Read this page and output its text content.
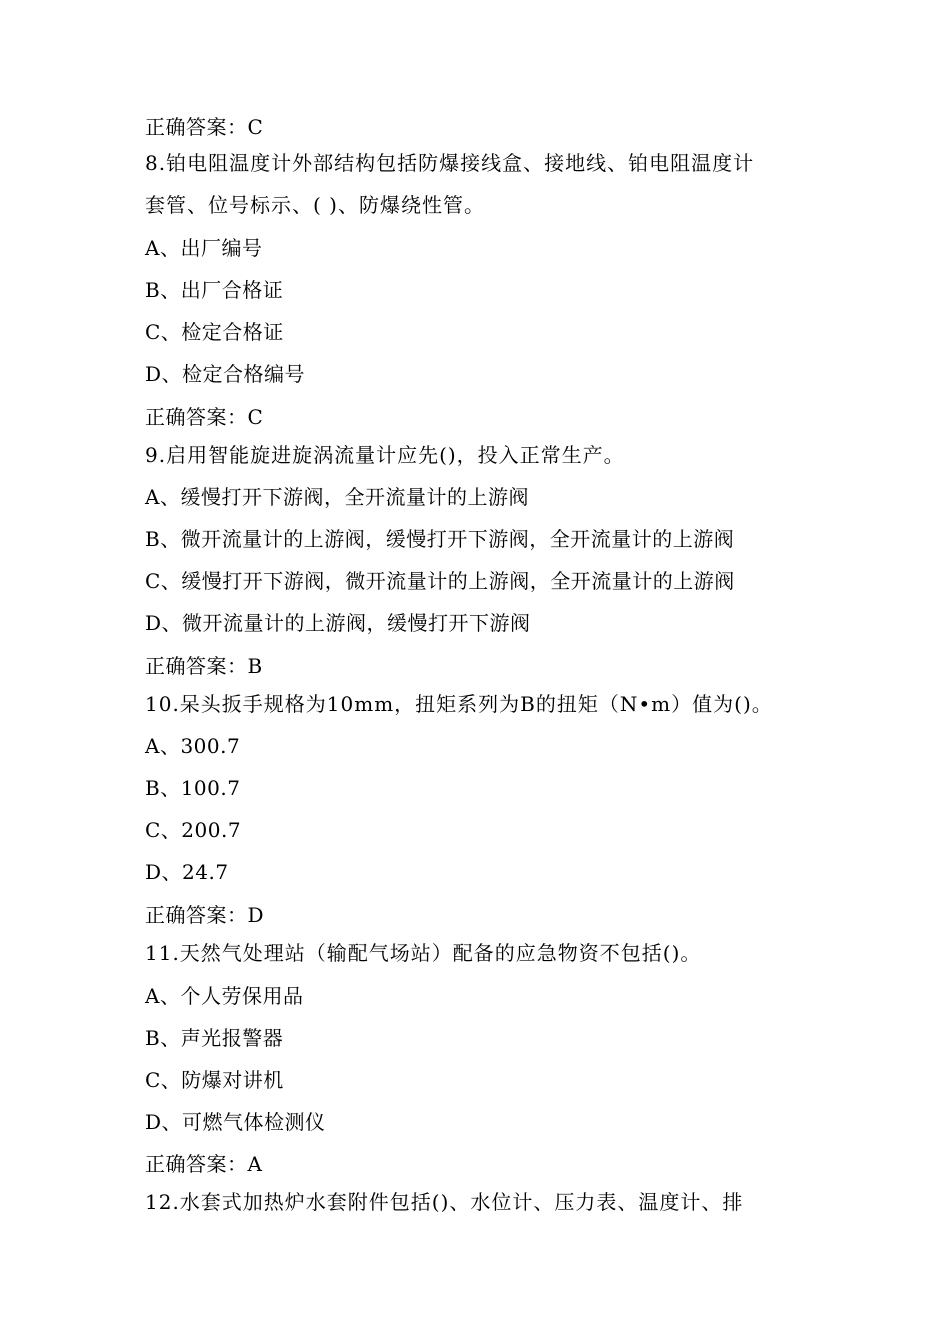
正确答案：C
8.铂电阻温度计外部结构包括防爆接线盒、接地线、铂电阻温度计
套管、位号标示、( )、防爆绕性管。
A、出厂编号
B、出厂合格证
C、检定合格证
D、检定合格编号
正确答案：C
9.启用智能旋进旋涡流量计应先()，投入正常生产。
A、缓慢打开下游阀，全开流量计的上游阀
B、微开流量计的上游阀，缓慢打开下游阀，全开流量计的上游阀
C、缓慢打开下游阀，微开流量计的上游阀，全开流量计的上游阀
D、微开流量计的上游阀，缓慢打开下游阀
正确答案：B
10.呆头扳手规格为10mm，扭矩系列为B的扭矩（N•m）值为()。
A、300.7
B、100.7
C、200.7
D、24.7
正确答案：D
11.天然气处理站（输配气场站）配备的应急物资不包括()。
A、个人劳保用品
B、声光报警器
C、防爆对讲机
D、可燃气体检测仪
正确答案：A
12.水套式加热炉水套附件包括()、水位计、压力表、温度计、排
